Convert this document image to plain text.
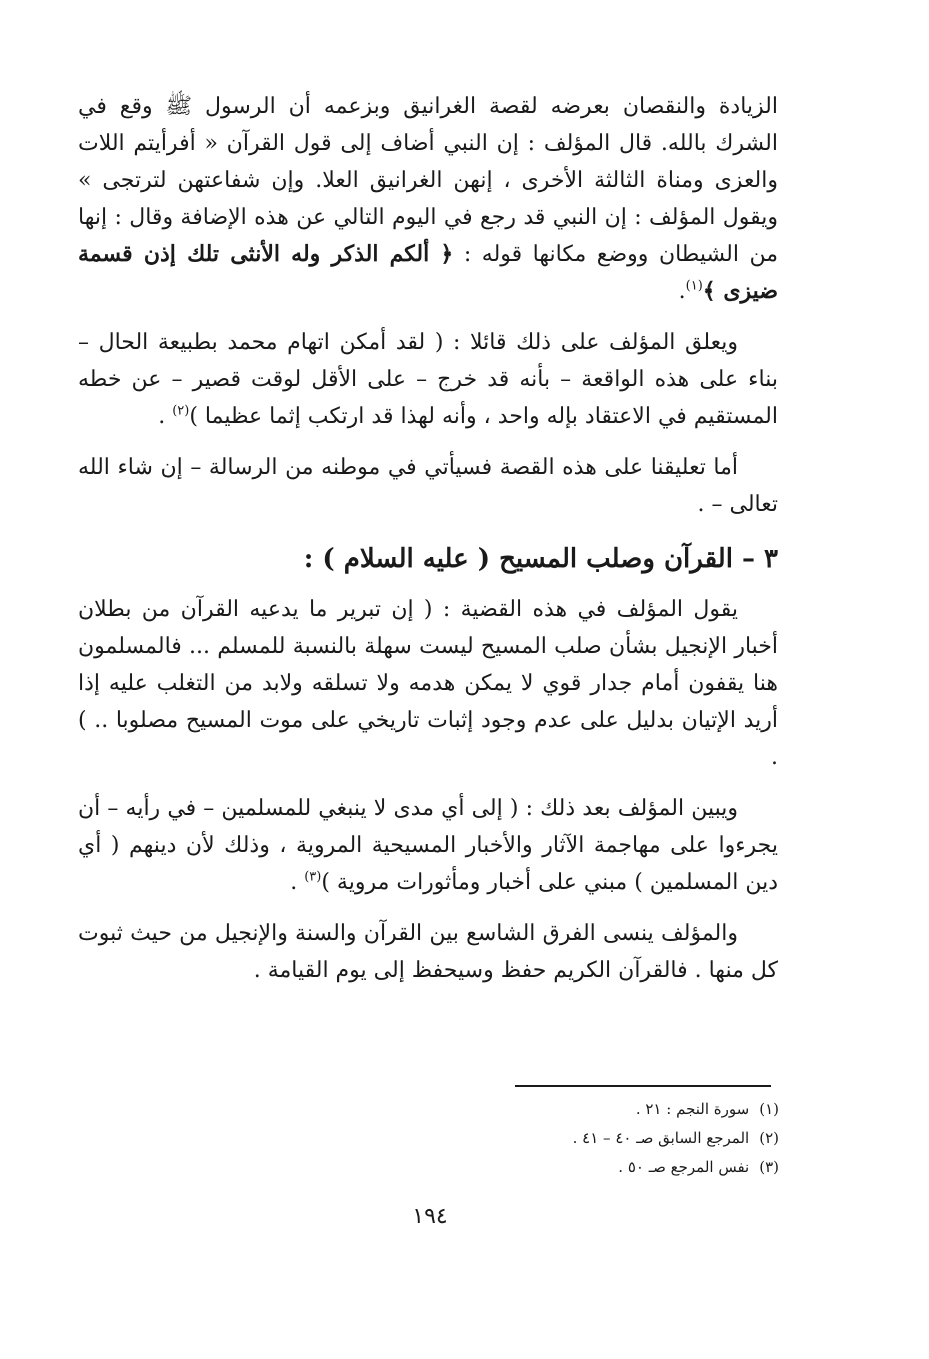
الزيادة والنقصان بعرضه لقصة الغرانيق وبزعمه أن الرسول ﷺ وقع في الشرك بالله. قال المؤلف : إن النبي أضاف إلى قول القرآن « أفرأيتم اللات والعزى ومناة الثالثة الأخرى ، إنهن الغرانيق العلا. وإن شفاعتهن لترتجى » ويقول المؤلف : إن النبي قد رجع في اليوم التالي عن هذه الإضافة وقال : إنها من الشيطان ووضع مكانها قوله : ﴿ ألكم الذكر وله الأنثى تلك إذن قسمة ضيزى ﴾$^{(١)}$.

ويعلق المؤلف على ذلك قائلا : ( لقد أمكن اتهام محمد بطبيعة الحال – بناء على هذه الواقعة – بأنه قد خرج – على الأقل لوقت قصير – عن خطه المستقيم في الاعتقاد بإله واحد ، وأنه لهذا قد ارتكب إثما عظيما )$^{(٢)}$ .

أما تعليقنا على هذه القصة فسيأتي في موطنه من الرسالة – إن شاء الله تعالى – .

٣ – القرآن وصلب المسيح ( عليه السلام ) :

يقول المؤلف في هذه القضية : ( إن تبرير ما يدعيه القرآن من بطلان أخبار الإنجيل بشأن صلب المسيح ليست سهلة بالنسبة للمسلم ... فالمسلمون هنا يقفون أمام جدار قوي لا يمكن هدمه ولا تسلقه ولابد من التغلب عليه إذا أريد الإتيان بدليل على عدم وجود إثبات تاريخي على موت المسيح مصلوبا .. ) .

ويبين المؤلف بعد ذلك : ( إلى أي مدى لا ينبغي للمسلمين – في رأيه – أن يجرءوا على مهاجمة الآثار والأخبار المسيحية المروية ، وذلك لأن دينهم ( أي دين المسلمين ) مبني على أخبار ومأثورات مروية )$^{(٣)}$ .

والمؤلف ينسى الفرق الشاسع بين القرآن والسنة والإنجيل من حيث ثبوت كل منها . فالقرآن الكريم حفظ وسيحفظ إلى يوم القيامة .

(١)سورة النجم : ٢١ .
(٢)المرجع السابق صـ ٤٠ – ٤١ .
(٣)نفس المرجع صـ ٥٠ .
١٩٤
